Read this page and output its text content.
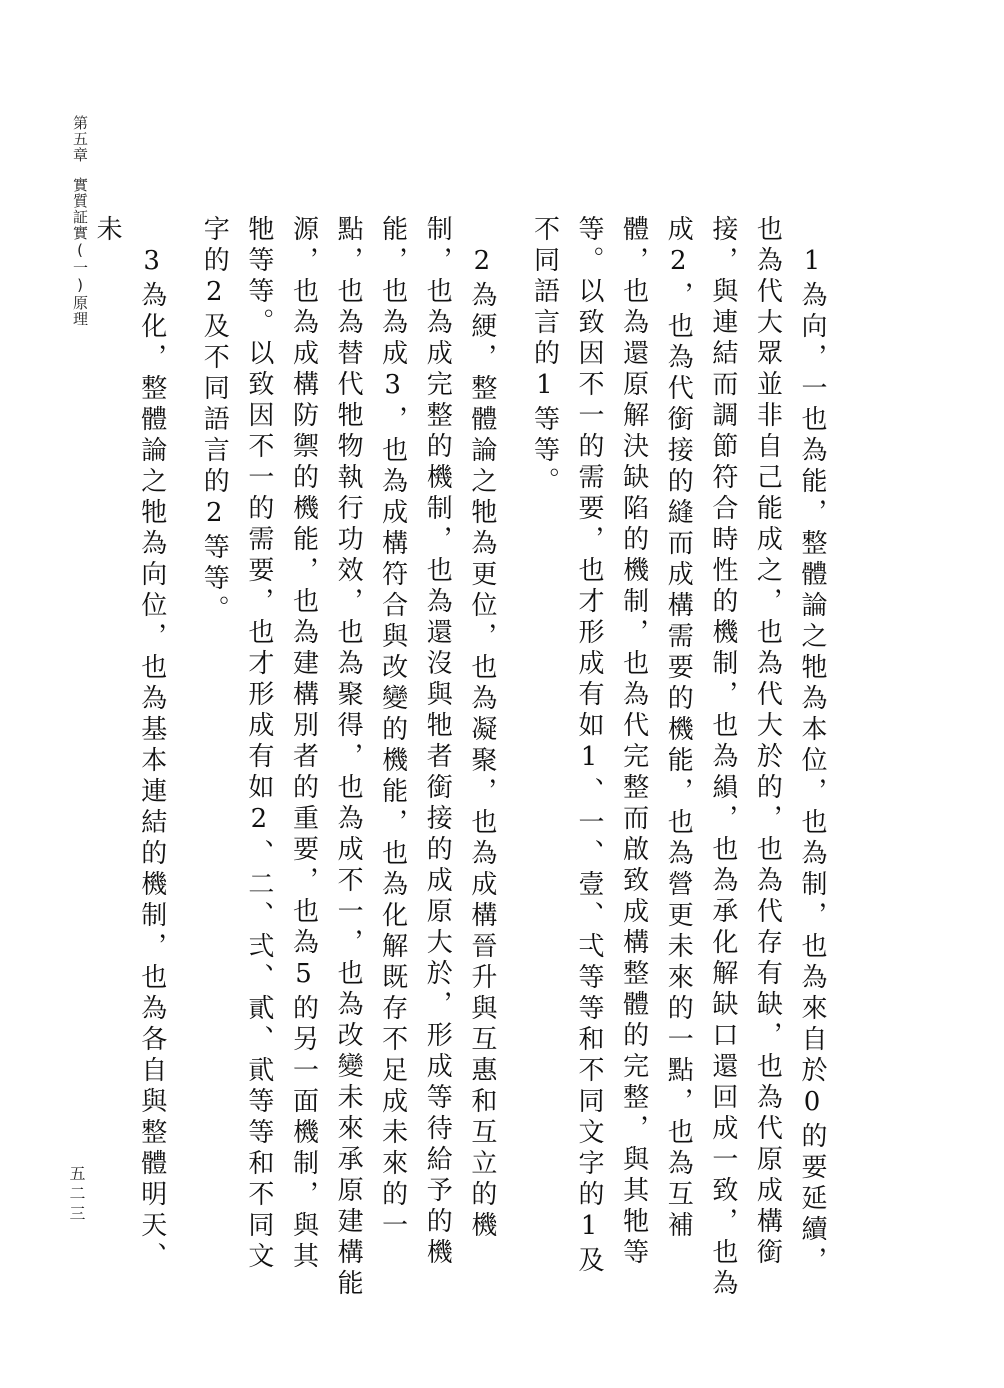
第五章實質証實(一)原理
五二三	1為向，一也為能，整體論之牠為本位，也為制，也為來自於0的要延續，也為代大眾並非自己能成之，也為代大於的，也為代存有缺，也為代原成構銜接，與連結而調節符合時性的機制，也為縜，也為承化解缺口還回成一致，也為成2，也為代銜接的縫而成構需要的機能，也為營更未來的一點，也為互補體，也為還原解決缺陷的機制，也為代完整而啟致成構整體的完整，與其牠等等。以致因不一的需要，也才形成有如1、一、壹、弌等等和不同文字的1及不同語言的1等等。

2為綆，整體論之牠為更位，也為凝聚，也為成構晉升與互惠和互立的機制，也為成完整的機制，也為還沒與牠者銜接的成原大於，形成等待給予的機能，也為成3，也為成構符合與改變的機能，也為化解既存不足成未來的一點，也為替代牠物執行功效，也為聚得，也為成不一，也為改變未來承原建構能源，也為成構防禦的機能，也為建構別者的重要，也為5的另一面機制，與其牠等等。以致因不一的需要，也才形成有如2、二、弍、貳、貮等等和不同文字的2及不同語言的2等等。

3為化，整體論之牠為向位，也為基本連結的機制，也為各自與整體明天、未
